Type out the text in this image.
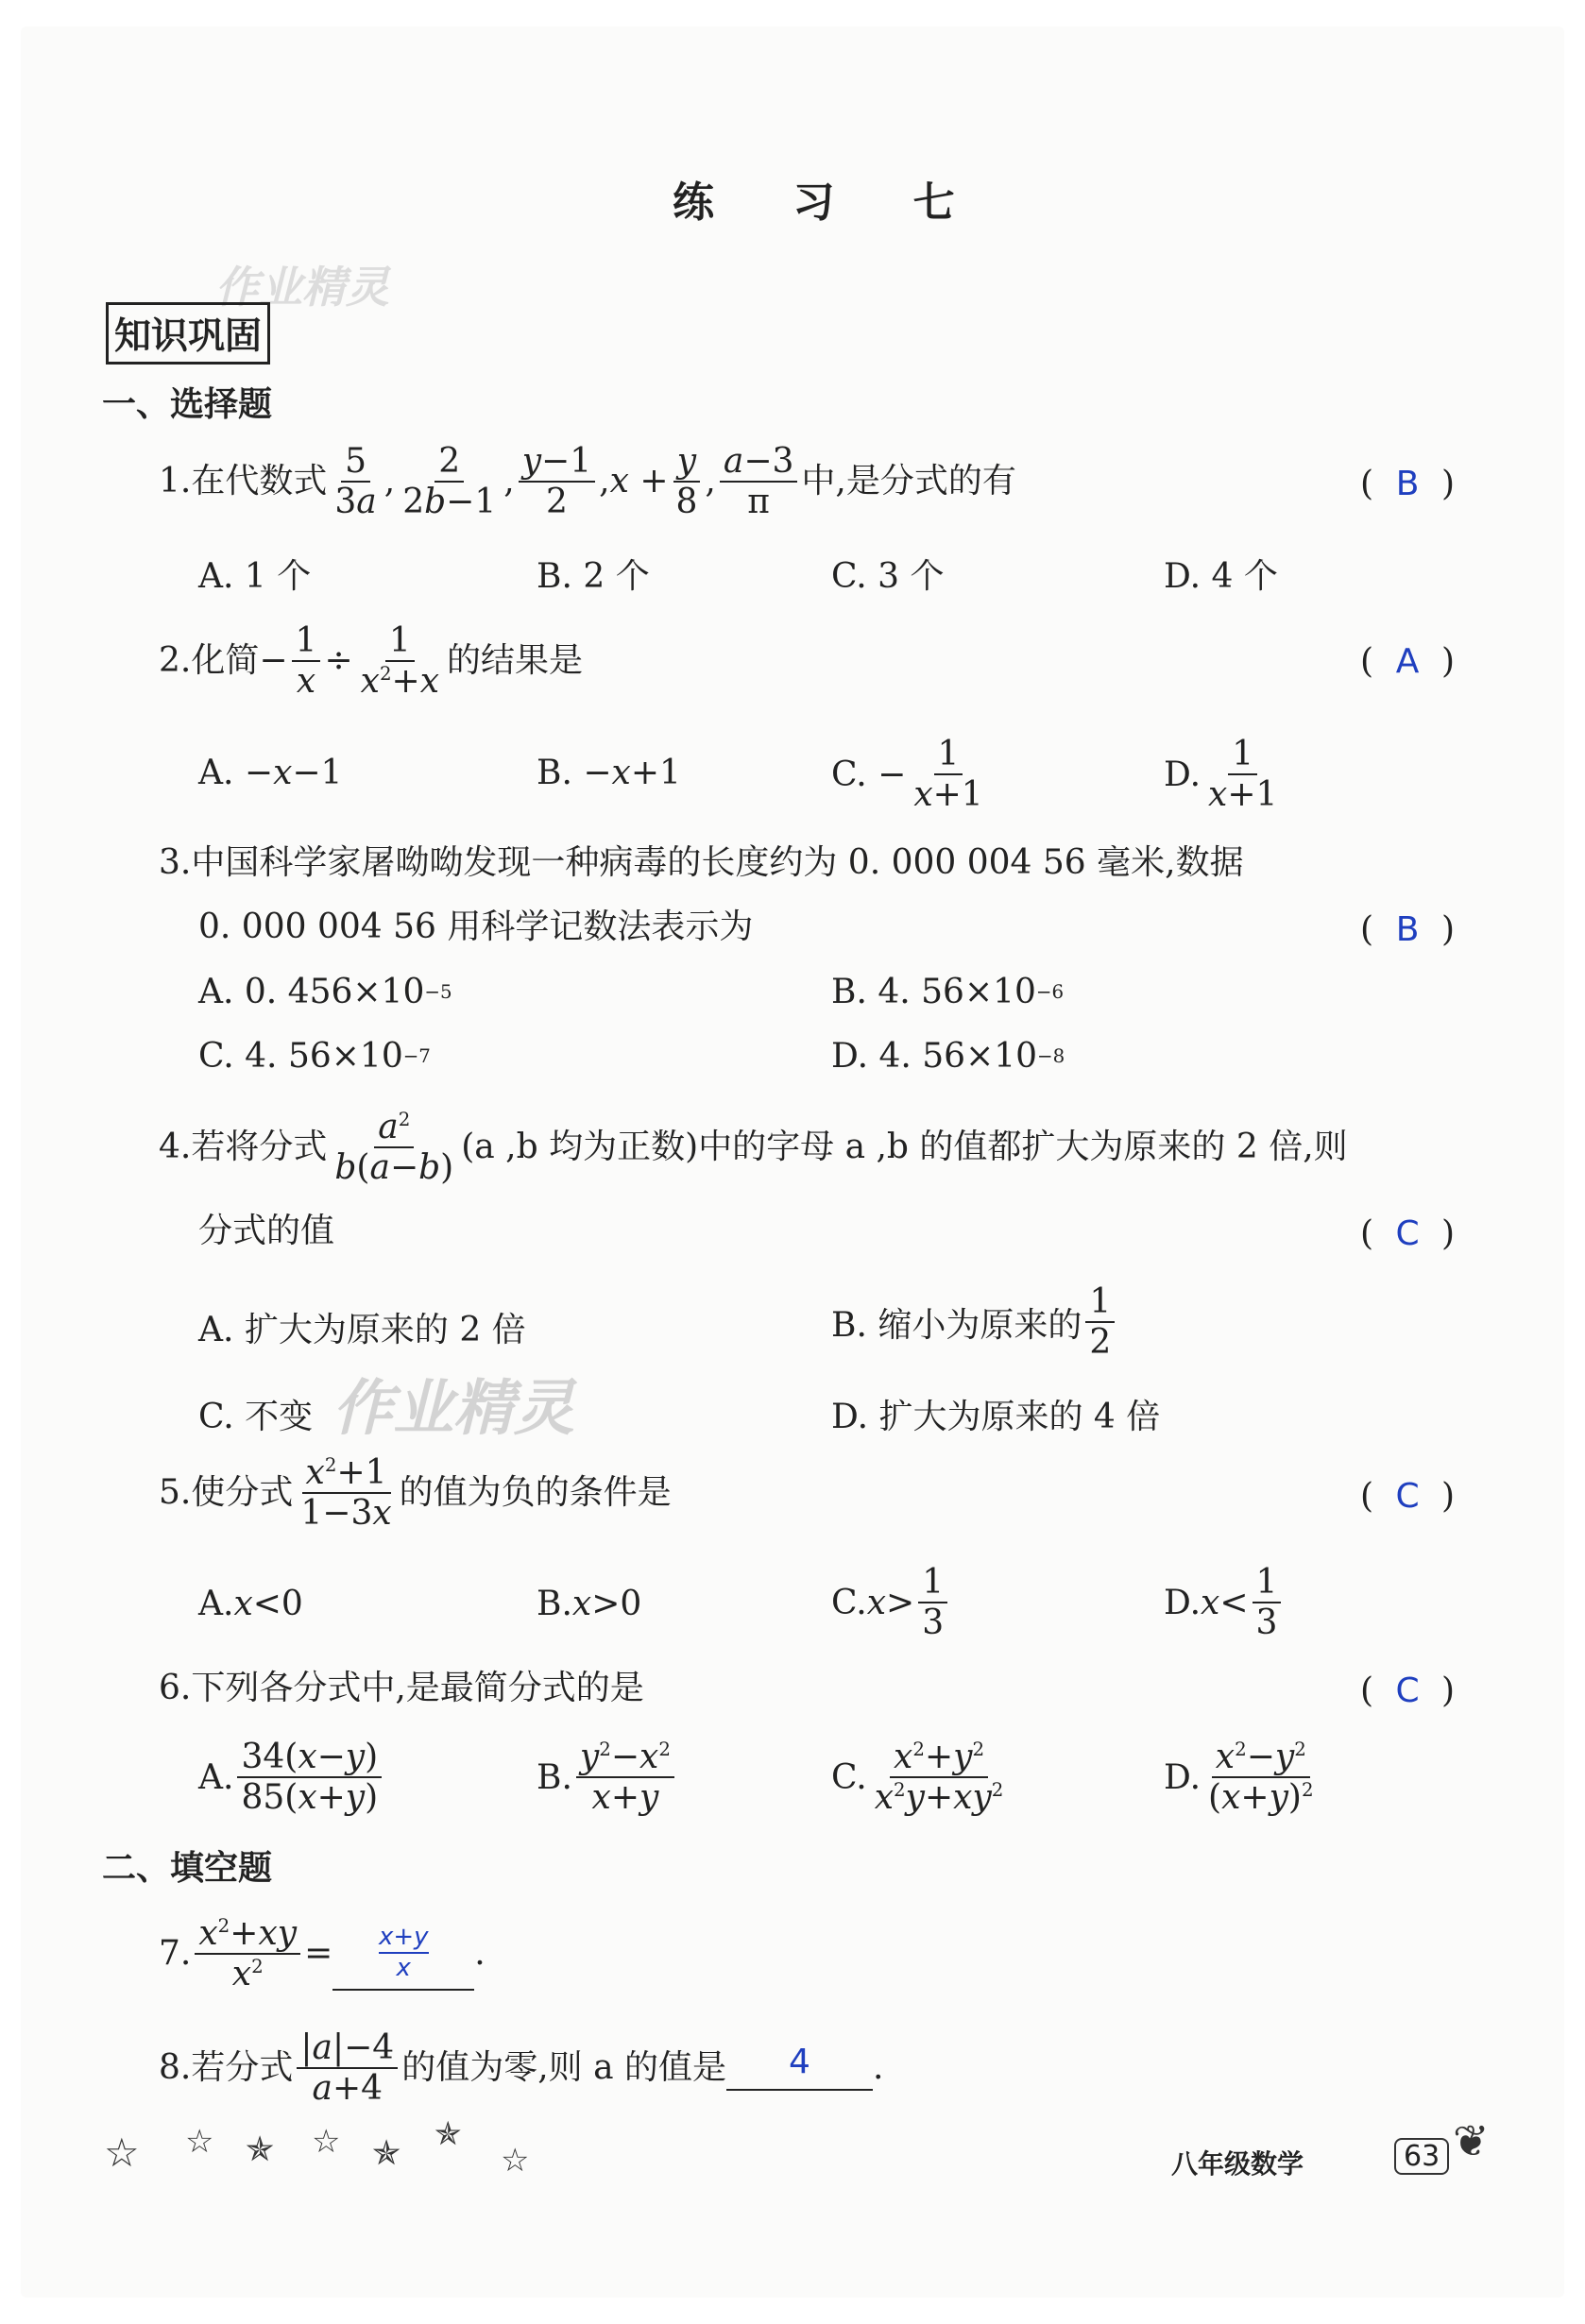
练 习 七
作业精灵
作业精灵
知识巩固
一、选择题
1. 在代数式 $\frac{5}{3a}$ , $\frac{2}{2b-1}$ , $\frac{y-1}{2}$ , $x + \frac{y}{8}$ , $\frac{a-3}{\pi}$ 中,是分式的有	( B )
A. 1 个	B. 2 个	C. 3 个	D. 4 个
2. 化简 − $\frac{1}{x} \div \frac{1}{x^2+x}$ 的结果是	( A )
A. − x −1	B. − x +1	C. − $\frac{1}{x+1}$	D. $\frac{1}{x+1}$
3. 中国科学家屠呦呦发现一种病毒的长度约为 0. 000 004 56 毫米,数据
0. 000 004 56 用科学记数法表示为	( B )
A. 0. 456×10 −5	B. 4. 56×10 −6
C. 4. 56×10 −7	D. 4. 56×10 −8
4. 若将分式 $\frac{a^2}{b(a-b)} (a$ ,b 均为正数)中的字母 a ,b 的值都扩大为原来的 2 倍,则
分式的值	( C )
A. 扩大为原来的 2 倍	B. 缩小为原来的 $\frac{1}{2}$
C. 不变	D. 扩大为原来的 4 倍
5. 使分式 $\frac{x^2+1}{1-3x}$ 的值为负的条件是	( C )
A. x <0	B. x >0	C. $x > \frac{1}{3}$	D. $x < \frac{1}{3}$
6. 下列各分式中,是最简分式的是	( C )
A. $\frac{34(x-y)}{85(x+y)}$	B. $\frac{y^2-x^2}{x+y}$	C. $\frac{x^2+y^2}{x^2y+xy^2}$	D. $\frac{x^2-y^2}{(x+y)^2}$
二、填空题
7. $\frac{x^2+xy}{x^2} = \frac{x+y}{x}$ .
8. 若分式 $\frac{|a|-4}{a+4}$ 的值为零,则 a 的值是	4	.
☆ ☆ ✯ ☆ ✯ ✯
☆	八年级数学	63 ❦
